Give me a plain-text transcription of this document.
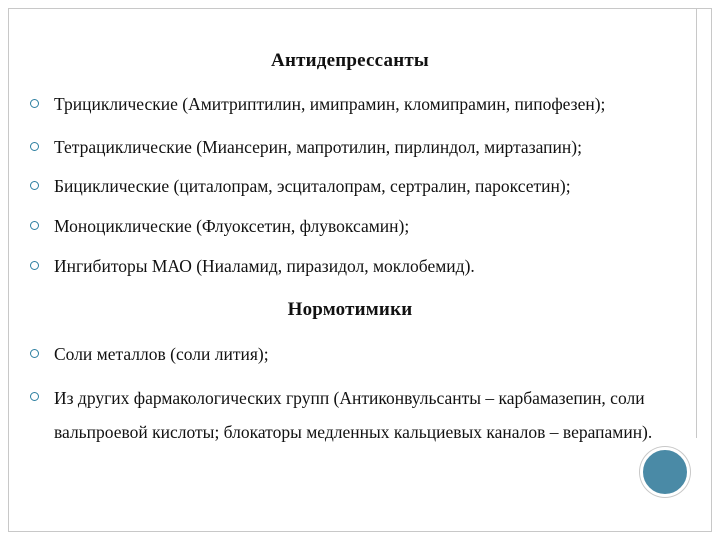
Антидепрессанты
Трициклические (Амитриптилин, имипрамин, кломипрамин, пипофезен);
Тетрациклические (Миансерин, мапротилин, пирлиндол, миртазапин);
Бициклические (циталопрам, эсциталопрам, сертралин, пароксетин);
Моноциклические (Флуоксетин, флувоксамин);
Ингибиторы МАО (Ниаламид, пиразидол, моклобемид).
Нормотимики
Соли металлов (соли лития);
Из других фармакологических групп (Антиконвульсанты – карбамазепин, соли вальпроевой кислоты; блокаторы медленных кальциевых каналов – верапамин).
